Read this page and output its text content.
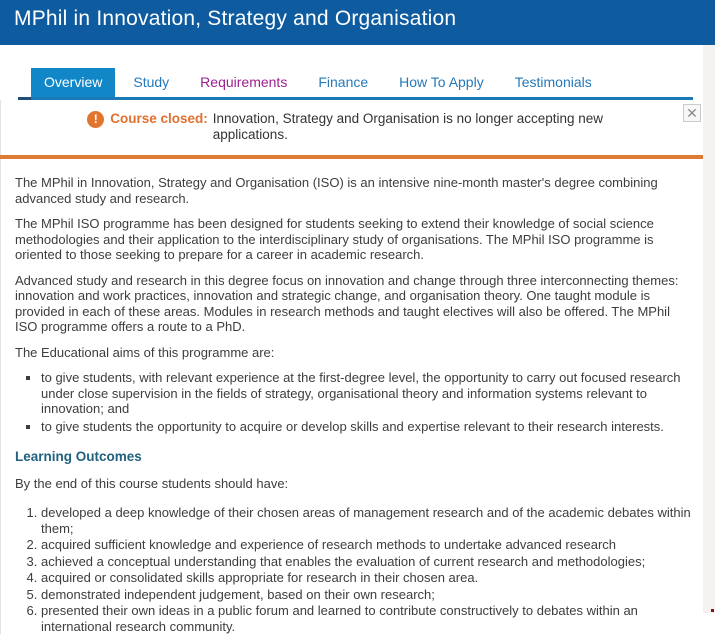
MPhil in Innovation, Strategy and Organisation
Overview	Study	Requirements	Finance	How To Apply	Testimonials
! Course closed: Innovation, Strategy and Organisation is no longer accepting new applications.
✕

The MPhil in Innovation, Strategy and Organisation (ISO) is an intensive nine-month master's degree combining advanced study and research.

The MPhil ISO programme has been designed for students seeking to extend their knowledge of social science methodologies and their application to the interdisciplinary study of organisations. The MPhil ISO programme is oriented to those seeking to prepare for a career in academic research.

Advanced study and research in this degree focus on innovation and change through three interconnecting themes: innovation and work practices, innovation and strategic change, and organisation theory. One taught module is provided in each of these areas. Modules in research methods and taught electives will also be offered. The MPhil ISO programme offers a route to a PhD.

The Educational aims of this programme are:

▪ to give students, with relevant experience at the first-degree level, the opportunity to carry out focused research under close supervision in the fields of strategy, organisational theory and information systems relevant to innovation; and
▪ to give students the opportunity to acquire or develop skills and expertise relevant to their research interests.
Learning Outcomes

By the end of this course students should have:

1. developed a deep knowledge of their chosen areas of management research and of the academic debates within them;
2. acquired sufficient knowledge and experience of research methods to undertake advanced research
3. achieved a conceptual understanding that enables the evaluation of current research and methodologies;
4. acquired or consolidated skills appropriate for research in their chosen area.
5. demonstrated independent judgement, based on their own research;
6. presented their own ideas in a public forum and learned to contribute constructively to debates within an international research community.
